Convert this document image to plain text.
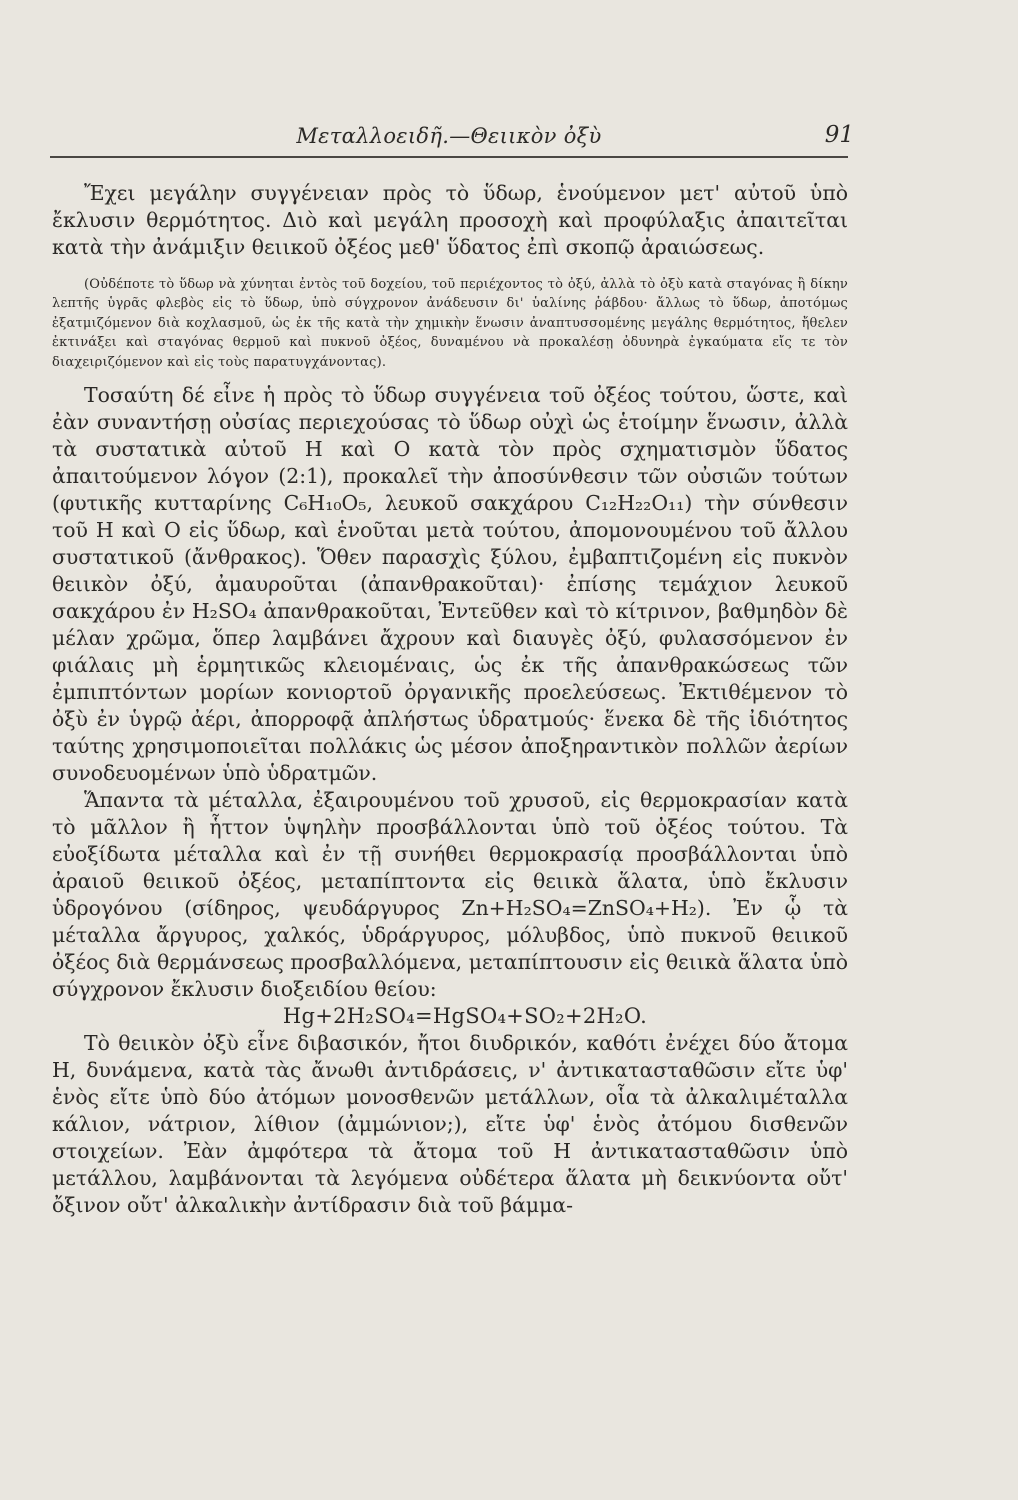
Μεταλλοειδῆ.—Θειικὸν ὀξὺ	91

Ἔχει μεγάλην συγγένειαν πρὸς τὸ ὕδωρ, ἑνούμενον μετ' αὐτοῦ ὑπὸ ἔκλυσιν θερμότητος. Διὸ καὶ μεγάλη προσοχὴ καὶ προφύλαξις ἀπαιτεῖται κατὰ τὴν ἀνάμιξιν θειικοῦ ὀξέος μεθ' ὕδατος ἐπὶ σκοπῷ ἀραιώσεως.

(Οὐδέποτε τὸ ὕδωρ νὰ χύνηται ἐντὸς τοῦ δοχείου, τοῦ περιέχοντος τὸ ὀξύ, ἀλλὰ τὸ ὀξὺ κατὰ σταγόνας ἢ δίκην λεπτῆς ὑγρᾶς φλεβὸς εἰς τὸ ὕδωρ, ὑπὸ σύγχρονον ἀνάδευσιν δι' ὑαλίνης ῥάβδου· ἄλλως τὸ ὕδωρ, ἀποτόμως ἐξατμιζόμενον διὰ κοχλασμοῦ, ὡς ἐκ τῆς κατὰ τὴν χημικὴν ἕνωσιν ἀναπτυσσομένης μεγάλης θερμότητος, ἤθελεν ἐκτινάξει καὶ σταγόνας θερμοῦ καὶ πυκνοῦ ὀξέος, δυναμένου νὰ προκαλέσῃ ὀδυνηρὰ ἐγκαύματα εἴς τε τὸν διαχειριζόμενον καὶ εἰς τοὺς παρατυγχάνοντας).

Τοσαύτη δέ εἶνε ἡ πρὸς τὸ ὕδωρ συγγένεια τοῦ ὀξέος τούτου, ὥστε, καὶ ἐὰν συναντήσῃ οὐσίας περιεχούσας τὸ ὕδωρ οὐχὶ ὡς ἑτοίμην ἕνωσιν, ἀλλὰ τὰ συστατικὰ αὐτοῦ Η καὶ Ο κατὰ τὸν πρὸς σχηματισμὸν ὕδατος ἀπαιτούμενον λόγον (2:1), προκαλεῖ τὴν ἀποσύνθεσιν τῶν οὐσιῶν τούτων (φυτικῆς κυτταρίνης C₆H₁₀O₅, λευκοῦ σακχάρου C₁₂H₂₂O₁₁) τὴν σύνθεσιν τοῦ Η καὶ Ο εἰς ὕδωρ, καὶ ἑνοῦται μετὰ τούτου, ἀπομονουμένου τοῦ ἄλλου συστατικοῦ (ἄνθρακος). Ὅθεν παρασχὶς ξύλου, ἐμβαπτιζομένη εἰς πυκνὸν θειικὸν ὀξύ, ἀμαυροῦται (ἀπανθρακοῦται)· ἐπίσης τεμάχιον λευκοῦ σακχάρου ἐν H₂SO₄ ἀπανθρακοῦται, Ἐντεῦθεν καὶ τὸ κίτρινον, βαθμηδὸν δὲ μέλαν χρῶμα, ὅπερ λαμβάνει ἄχρουν καὶ διαυγὲς ὀξύ, φυλασσόμενον ἐν φιάλαις μὴ ἑρμητικῶς κλειομέναις, ὡς ἐκ τῆς ἀπανθρακώσεως τῶν ἐμπιπτόντων μορίων κονιορτοῦ ὀργανικῆς προελεύσεως. Ἐκτιθέμενον τὸ ὀξὺ ἐν ὑγρῷ ἀέρι, ἀπορροφᾷ ἀπλήστως ὑδρατμούς· ἕνεκα δὲ τῆς ἰδιότητος ταύτης χρησιμοποιεῖται πολλάκις ὡς μέσον ἀποξηραντικὸν πολλῶν ἀερίων συνοδευομένων ὑπὸ ὑδρατμῶν.

Ἅπαντα τὰ μέταλλα, ἐξαιρουμένου τοῦ χρυσοῦ, εἰς θερμοκρασίαν κατὰ τὸ μᾶλλον ἢ ἧττον ὑψηλὴν προσβάλλονται ὑπὸ τοῦ ὀξέος τούτου. Τὰ εὐοξίδωτα μέταλλα καὶ ἐν τῇ συνήθει θερμοκρασίᾳ προσβάλλονται ὑπὸ ἀραιοῦ θειικοῦ ὀξέος, μεταπίπτοντα εἰς θειικὰ ἅλατα, ὑπὸ ἔκλυσιν ὑδρογόνου (σίδηρος, ψευδάργυρος Zn+H₂SO₄=ZnSO₄+H₂). Ἐν ᾧ τὰ μέταλλα ἄργυρος, χαλκός, ὑδράργυρος, μόλυβδος, ὑπὸ πυκνοῦ θειικοῦ ὀξέος διὰ θερμάνσεως προσβαλλόμενα, μεταπίπτουσιν εἰς θειικὰ ἅλατα ὑπὸ σύγχρονον ἔκλυσιν διοξειδίου θείου:

Hg+2H₂SO₄=HgSO₄+SO₂+2H₂O.

Τὸ θειικὸν ὀξὺ εἶνε διβασικόν, ἤτοι διυδρικόν, καθότι ἐνέχει δύο ἄτομα Η, δυνάμενα, κατὰ τὰς ἄνωθι ἀντιδράσεις, ν' ἀντικατασταθῶσιν εἴτε ὑφ' ἑνὸς εἴτε ὑπὸ δύο ἀτόμων μονοσθενῶν μετάλλων, οἷα τὰ ἀλκαλιμέταλλα κάλιον, νάτριον, λίθιον (ἀμμώνιον;), εἴτε ὑφ' ἑνὸς ἀτόμου δισθενῶν στοιχείων. Ἐὰν ἀμφότερα τὰ ἄτομα τοῦ Η ἀντικατασταθῶσιν ὑπὸ μετάλλου, λαμβάνονται τὰ λεγόμενα οὐδέτερα ἅλατα μὴ δεικνύοντα οὔτ' ὄξινον οὔτ' ἀλκαλικὴν ἀντίδρασιν διὰ τοῦ βάμμα-
